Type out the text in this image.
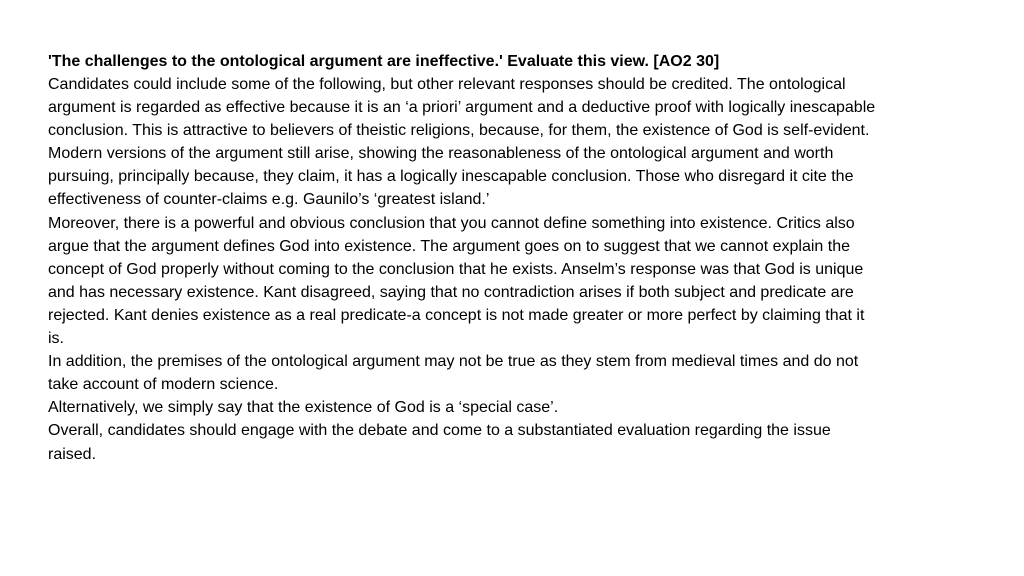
'The challenges to the ontological argument are ineffective.' Evaluate this view. [AO2 30]

Candidates could include some of the following, but other relevant responses should be credited. The ontological argument is regarded as effective because it is an ‘a priori’ argument and a deductive proof with logically inescapable conclusion. This is attractive to believers of theistic religions, because, for them, the existence of God is self-evident. Modern versions of the argument still arise, showing the reasonableness of the ontological argument and worth pursuing, principally because, they claim, it has a logically inescapable conclusion. Those who disregard it cite the effectiveness of counter-claims e.g. Gaunilo’s ‘greatest island.’

Moreover, there is a powerful and obvious conclusion that you cannot define something into existence. Critics also argue that the argument defines God into existence. The argument goes on to suggest that we cannot explain the concept of God properly without coming to the conclusion that he exists. Anselm’s response was that God is unique and has necessary existence. Kant disagreed, saying that no contradiction arises if both subject and predicate are rejected. Kant denies existence as a real predicate-a concept is not made greater or more perfect by claiming that it is.

In addition, the premises of the ontological argument may not be true as they stem from medieval times and do not take account of modern science.

Alternatively, we simply say that the existence of God is a ‘special case’.

Overall, candidates should engage with the debate and come to a substantiated evaluation regarding the issue raised.
